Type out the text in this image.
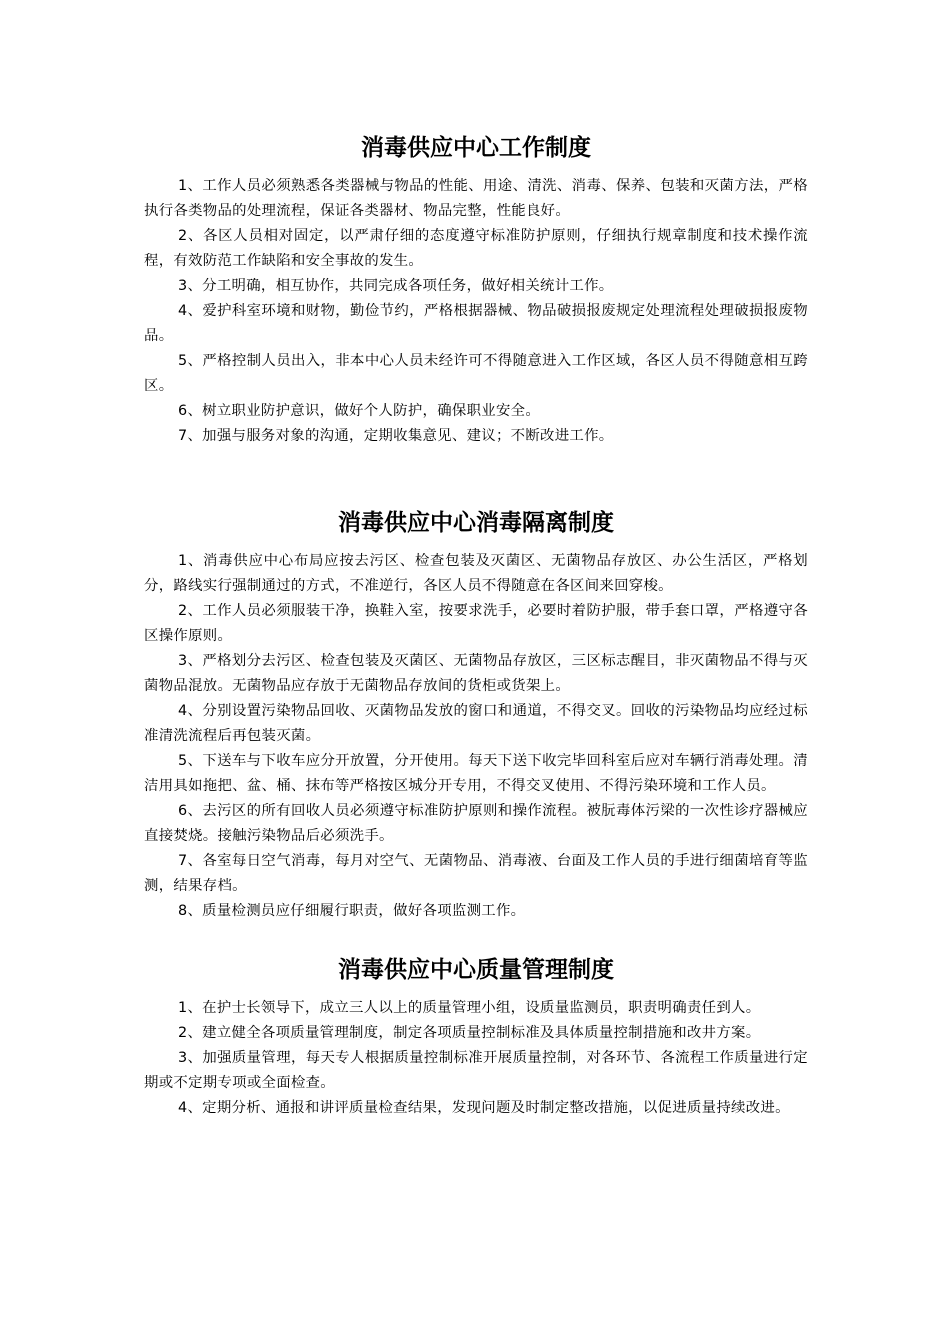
消毒供应中心工作制度

1、工作人员必须熟悉各类器械与物品的性能、用途、清洗、消毒、保养、包装和灭菌方法，严格执行各类物品的处理流程，保证各类器材、物品完整，性能良好。

2、各区人员相对固定，以严肃仔细的态度遵守标准防护原则，仔细执行规章制度和技术操作流程，有效防范工作缺陷和安全事故的发生。

3、分工明确，相互协作，共同完成各项任务，做好相关统计工作。

4、爱护科室环境和财物，勤俭节约，严格根据器械、物品破损报废规定处理流程处理破损报废物品。

5、严格控制人员出入，非本中心人员未经许可不得随意进入工作区域，各区人员不得随意相互跨区。

6、树立职业防护意识，做好个人防护，确保职业安全。

7、加强与服务对象的沟通，定期收集意见、建议；不断改进工作。

消毒供应中心消毒隔离制度

1、消毒供应中心布局应按去污区、检查包装及灭菌区、无菌物品存放区、办公生活区，严格划分，路线实行强制通过的方式，不准逆行，各区人员不得随意在各区间来回穿梭。

2、工作人员必须服装干净，换鞋入室，按要求洗手，必要时着防护服，带手套口罩，严格遵守各区操作原则。

3、严格划分去污区、检查包装及灭菌区、无菌物品存放区，三区标志醒目，非灭菌物品不得与灭菌物品混放。无菌物品应存放于无菌物品存放间的货柜或货架上。

4、分别设置污染物品回收、灭菌物品发放的窗口和通道，不得交叉。回收的污染物品均应经过标准清洗流程后再包装灭菌。

5、下送车与下收车应分开放置，分开使用。每天下送下收完毕回科室后应对车辆行消毒处理。清洁用具如拖把、盆、桶、抹布等严格按区城分开专用，不得交叉使用、不得污染环境和工作人员。

6、去污区的所有回收人员必须遵守标准防护原则和操作流程。被朊毒体污梁的一次性诊疗器械应直接焚烧。接触污染物品后必须洗手。

7、各室每日空气消毒，每月对空气、无菌物品、消毒液、台面及工作人员的手进行细菌培育等监测，结果存档。

8、质量检测员应仔细履行职责，做好各项监测工作。

消毒供应中心质量管理制度

1、在护士长领导下，成立三人以上的质量管理小组，设质量监测员，职责明确责任到人。

2、建立健全各项质量管理制度，制定各项质量控制标准及具体质量控制措施和改井方案。

3、加强质量管理，每天专人根据质量控制标准开展质量控制，对各环节、各流程工作质量进行定期或不定期专项或全面检查。

4、定期分析、通报和讲评质量检查结果，发现问题及时制定整改措施，以促进质量持续改进。
